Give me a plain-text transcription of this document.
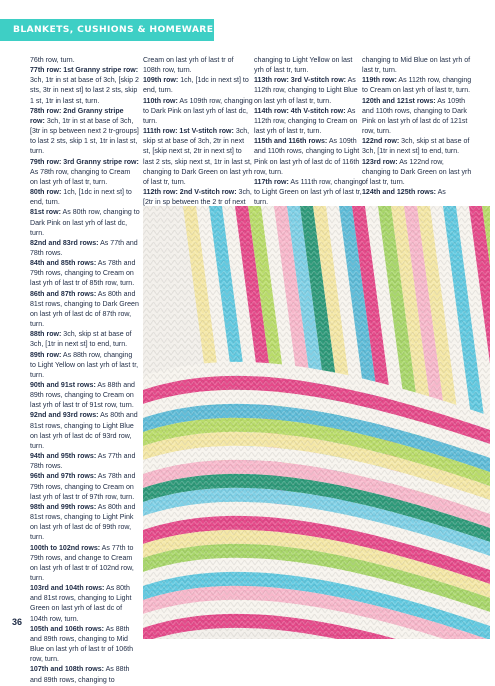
BLANKETS, CUSHIONS & HOMEWARES

76th row, turn.

77th row: 1st Granny stripe row: 3ch, 1tr in st at base of 3ch, [skip 2 sts, 3tr in next st] to last 2 sts, skip 1 st, 1tr in last st, turn.

78th row: 2nd Granny stripe row: 3ch, 1tr in st at base of 3ch, [3tr in sp between next 2 tr-groups] to last 2 sts, skip 1 st, 1tr in last st, turn.

79th row: 3rd Granny stripe row: As 78th row, changing to Cream on last yrh of last tr, turn.

80th row: 1ch, [1dc in next st] to end, turn.

81st row: As 80th row, changing to Dark Pink on last yrh of last dc, turn.

82nd and 83rd rows: As 77th and 78th rows.

84th and 85th rows: As 78th and 79th rows, changing to Cream on last yrh of last tr of 85th row, turn.

86th and 87th rows: As 80th and 81st rows, changing to Dark Green on last yrh of last dc of 87th row, turn.

88th row: 3ch, skip st at base of 3ch, [1tr in next st] to end, turn.

89th row: As 88th row, changing to Light Yellow on last yrh of last tr, turn.

90th and 91st rows: As 88th and 89th rows, changing to Cream on last yrh of last tr of 91st row, turn.

92nd and 93rd rows: As 80th and 81st rows, changing to Light Blue on last yrh of last dc of 93rd row, turn.

94th and 95th rows: As 77th and 78th rows.

96th and 97th rows: As 78th and 79th rows, changing to Cream on last yrh of last tr of 97th row, turn.

98th and 99th rows: As 80th and 81st rows, changing to Light Pink on last yrh of last dc of 99th row, turn.

100th to 102nd rows: As 77th to 79th rows, and change to Cream on last yrh of last tr of 102nd row, turn.

103rd and 104th rows: As 80th and 81st rows, changing to Light Green on last yrh of last dc of 104th row, turn.

105th and 106th rows: As 88th and 89th rows, changing to Mid Blue on last yrh of last tr of 106th row, turn.

107th and 108th rows: As 88th and 89th rows, changing to

Cream on last yrh of last tr of 108th row, turn.

109th row: 1ch, [1dc in next st] to end, turn.

110th row: As 109th row, changing to Dark Pink on last yrh of last dc, turn.

111th row: 1st V-stitch row: 3ch, skip st at base of 3ch, 2tr in next st, [skip next st, 2tr in next st] to last 2 sts, skip next st, 1tr in last st, changing to Dark Green on last yrh of last tr, turn.

112th row: 2nd V-stitch row: 3ch, [2tr in sp between the 2 tr of next

changing to Light Yellow on last yrh of last tr, turn.

113th row: 3rd V-stitch row: As 112th row, changing to Light Blue on last yrh of last tr, turn.

114th row: 4th V-stitch row: As 112th row, changing to Cream on last yrh of last tr, turn.

115th and 116th rows: As 109th and 110th rows, changing to Light Pink on last yrh of last dc of 116th row, turn.

117th row: As 111th row, changing to Light Green on last yrh of last tr, turn.

changing to Mid Blue on last yrh of last tr, turn.

119th row: As 112th row, changing to Cream on last yrh of last tr, turn.

120th and 121st rows: As 109th and 110th rows, changing to Dark Pink on last yrh of last dc of 121st row, turn.

122nd row: 3ch, skip st at base of 3ch, [1tr in next st] to end, turn.

123rd row: As 122nd row, changing to Dark Green on last yrh of last tr, turn.

124th and 125th rows: As

36
